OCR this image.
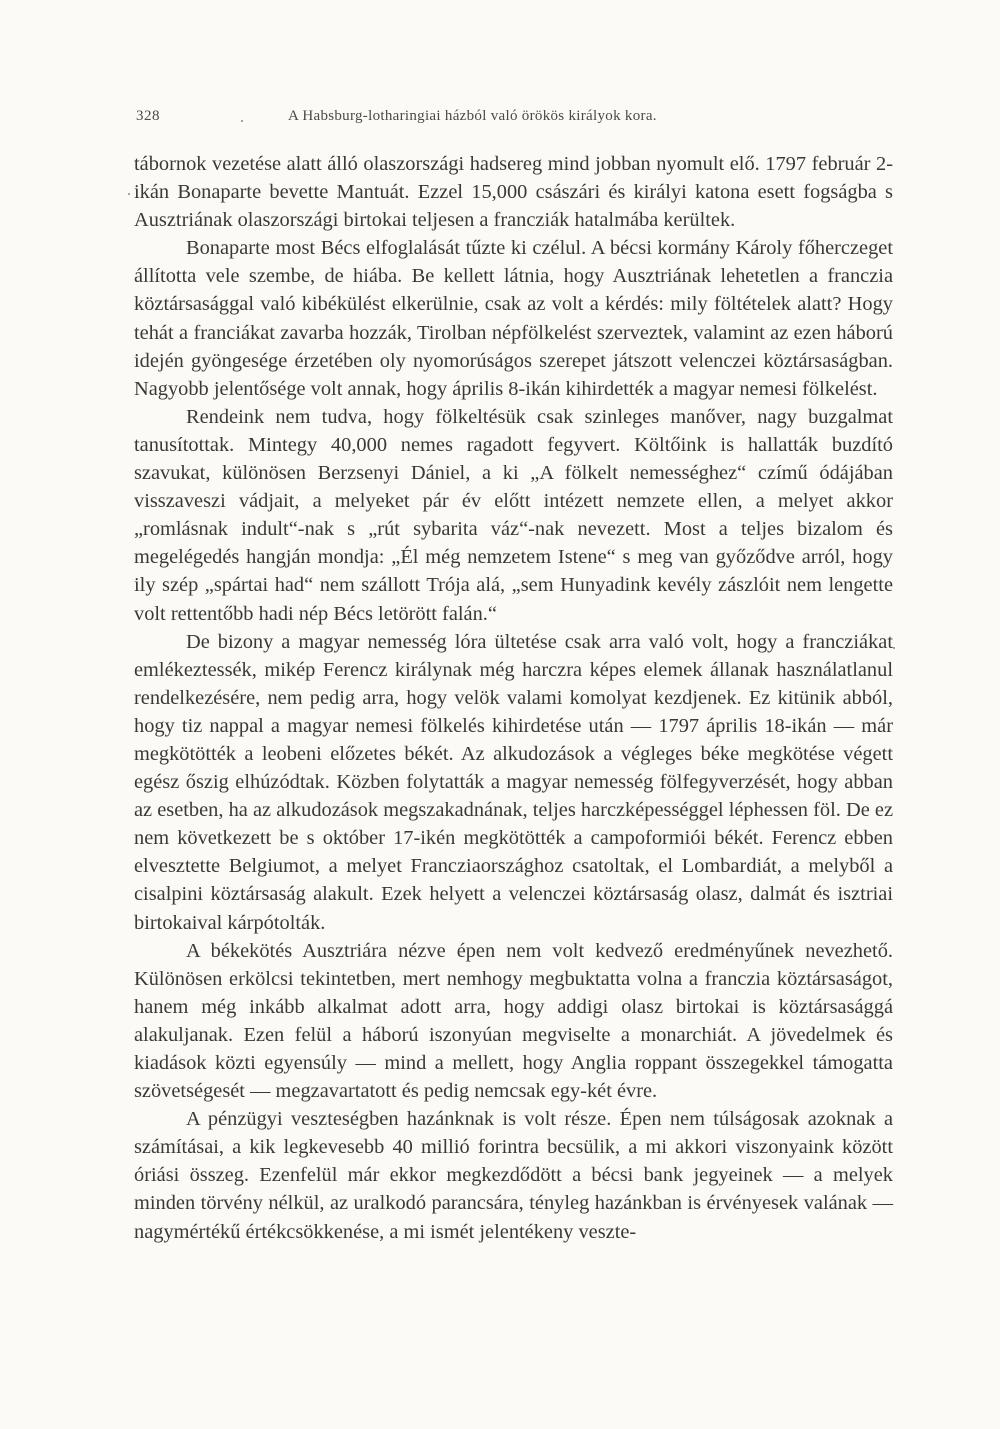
328	A Habsburg-lotharingiai házból való örökös királyok kora.

tábornok vezetése alatt álló olaszországi hadsereg mind jobban nyomult elő. 1797 február 2-ikán Bonaparte bevette Mantuát. Ezzel 15,000 császári és királyi katona esett fogságba s Ausztriának olaszországi birtokai teljesen a francziák hatalmába kerültek.

Bonaparte most Bécs elfoglalását tűzte ki czélul. A bécsi kormány Károly főherczeget állította vele szembe, de hiába. Be kellett látnia, hogy Ausztriának lehetetlen a franczia köztársasággal való kibékülést elkerülnie, csak az volt a kérdés: mily föltételek alatt? Hogy tehát a franciákat zavarba hozzák, Tirolban népfölkelést szerveztek, valamint az ezen háború idején gyöngesége érzetében oly nyomorúságos szerepet játszott velenczei köztársaságban. Nagyobb jelentősége volt annak, hogy április 8-ikán kihirdették a magyar nemesi fölkelést.

Rendeink nem tudva, hogy fölkeltésük csak szinleges manőver, nagy buzgalmat tanusítottak. Mintegy 40,000 nemes ragadott fegyvert. Költőink is hallatták buzdító szavukat, különösen Berzsenyi Dániel, a ki „A fölkelt nemességhez“ czímű ódájában visszaveszi vádjait, a melyeket pár év előtt intézett nemzete ellen, a melyet akkor „romlásnak indult“-nak s „rút sybarita váz“-nak nevezett. Most a teljes bizalom és megelégedés hangján mondja: „Él még nemzetem Istene“ s meg van győződve arról, hogy ily szép „spártai had“ nem szállott Trója alá, „sem Hunyadink kevély zászlóit nem lengette volt rettentőbb hadi nép Bécs letörött falán.“

De bizony a magyar nemesség lóra ültetése csak arra való volt, hogy a francziákat emlékeztessék, mikép Ferencz királynak még harczra képes elemek állanak használatlanul rendelkezésére, nem pedig arra, hogy velök valami komolyat kezdjenek. Ez kitünik abból, hogy tiz nappal a magyar nemesi fölkelés kihirdetése után — 1797 április 18-ikán — már megkötötték a leobeni előzetes békét. Az alkudozások a végleges béke megkötése végett egész őszig elhúzódtak. Közben folytatták a magyar nemesség fölfegyverzését, hogy abban az esetben, ha az alkudozások megszakadnának, teljes harczképességgel léphessen föl. De ez nem következett be s október 17-ikén megkötötték a campoformiói békét. Ferencz ebben elvesztette Belgiumot, a melyet Francziaországhoz csatoltak, el Lombardiát, a melyből a cisalpini köztársaság alakult. Ezek helyett a velenczei köztársaság olasz, dalmát és isztriai birtokaival kárpótolták.

A békekötés Ausztriára nézve épen nem volt kedvező eredményűnek nevezhető. Különösen erkölcsi tekintetben, mert nemhogy megbuktatta volna a franczia köztársaságot, hanem még inkább alkalmat adott arra, hogy addigi olasz birtokai is köztársasággá alakuljanak. Ezen felül a háború iszonyúan megviselte a monarchiát. A jövedelmek és kiadások közti egyensúly — mind a mellett, hogy Anglia roppant összegekkel támogatta szövetségesét — megzavartatott és pedig nemcsak egy-két évre.

A pénzügyi veszteségben hazánknak is volt része. Épen nem túlságosak azoknak a számításai, a kik legkevesebb 40 millió forintra becsülik, a mi akkori viszonyaink között óriási összeg. Ezenfelül már ekkor megkezdődött a bécsi bank jegyeinek — a melyek minden törvény nélkül, az uralkodó parancsára, tényleg hazánkban is érvényesek valának — nagymértékű értékcsökkenése, a mi ismét jelentékeny veszte-
